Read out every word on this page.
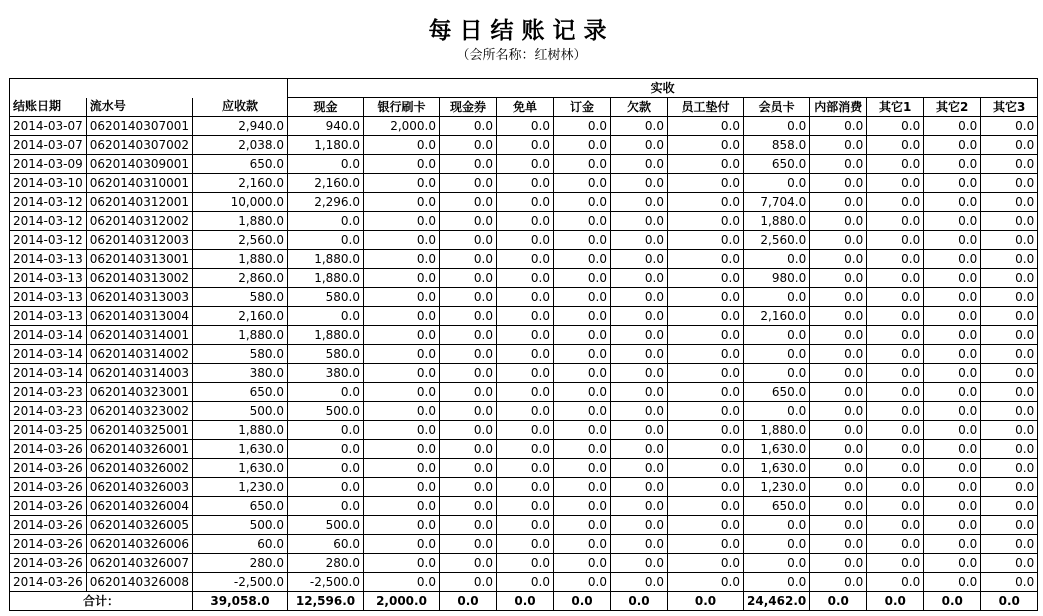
每日结账记录
（会所名称：红树林）
			实收											
结账日期	流水号	应收款	现金	银行刷卡	现金券	免单	订金	欠款	员工垫付	会员卡	内部消费	其它1	其它2	其它3
2014-03-07	0620140307001	2,940.0	940.0	2,000.0	0.0	0.0	0.0	0.0	0.0	0.0	0.0	0.0	0.0	0.0
2014-03-07	0620140307002	2,038.0	1,180.0	0.0	0.0	0.0	0.0	0.0	0.0	858.0	0.0	0.0	0.0	0.0
2014-03-09	0620140309001	650.0	0.0	0.0	0.0	0.0	0.0	0.0	0.0	650.0	0.0	0.0	0.0	0.0
2014-03-10	0620140310001	2,160.0	2,160.0	0.0	0.0	0.0	0.0	0.0	0.0	0.0	0.0	0.0	0.0	0.0
2014-03-12	0620140312001	10,000.0	2,296.0	0.0	0.0	0.0	0.0	0.0	0.0	7,704.0	0.0	0.0	0.0	0.0
2014-03-12	0620140312002	1,880.0	0.0	0.0	0.0	0.0	0.0	0.0	0.0	1,880.0	0.0	0.0	0.0	0.0
2014-03-12	0620140312003	2,560.0	0.0	0.0	0.0	0.0	0.0	0.0	0.0	2,560.0	0.0	0.0	0.0	0.0
2014-03-13	0620140313001	1,880.0	1,880.0	0.0	0.0	0.0	0.0	0.0	0.0	0.0	0.0	0.0	0.0	0.0
2014-03-13	0620140313002	2,860.0	1,880.0	0.0	0.0	0.0	0.0	0.0	0.0	980.0	0.0	0.0	0.0	0.0
2014-03-13	0620140313003	580.0	580.0	0.0	0.0	0.0	0.0	0.0	0.0	0.0	0.0	0.0	0.0	0.0
2014-03-13	0620140313004	2,160.0	0.0	0.0	0.0	0.0	0.0	0.0	0.0	2,160.0	0.0	0.0	0.0	0.0
2014-03-14	0620140314001	1,880.0	1,880.0	0.0	0.0	0.0	0.0	0.0	0.0	0.0	0.0	0.0	0.0	0.0
2014-03-14	0620140314002	580.0	580.0	0.0	0.0	0.0	0.0	0.0	0.0	0.0	0.0	0.0	0.0	0.0
2014-03-14	0620140314003	380.0	380.0	0.0	0.0	0.0	0.0	0.0	0.0	0.0	0.0	0.0	0.0	0.0
2014-03-23	0620140323001	650.0	0.0	0.0	0.0	0.0	0.0	0.0	0.0	650.0	0.0	0.0	0.0	0.0
2014-03-23	0620140323002	500.0	500.0	0.0	0.0	0.0	0.0	0.0	0.0	0.0	0.0	0.0	0.0	0.0
2014-03-25	0620140325001	1,880.0	0.0	0.0	0.0	0.0	0.0	0.0	0.0	1,880.0	0.0	0.0	0.0	0.0
2014-03-26	0620140326001	1,630.0	0.0	0.0	0.0	0.0	0.0	0.0	0.0	1,630.0	0.0	0.0	0.0	0.0
2014-03-26	0620140326002	1,630.0	0.0	0.0	0.0	0.0	0.0	0.0	0.0	1,630.0	0.0	0.0	0.0	0.0
2014-03-26	0620140326003	1,230.0	0.0	0.0	0.0	0.0	0.0	0.0	0.0	1,230.0	0.0	0.0	0.0	0.0
2014-03-26	0620140326004	650.0	0.0	0.0	0.0	0.0	0.0	0.0	0.0	650.0	0.0	0.0	0.0	0.0
2014-03-26	0620140326005	500.0	500.0	0.0	0.0	0.0	0.0	0.0	0.0	0.0	0.0	0.0	0.0	0.0
2014-03-26	0620140326006	60.0	60.0	0.0	0.0	0.0	0.0	0.0	0.0	0.0	0.0	0.0	0.0	0.0
2014-03-26	0620140326007	280.0	280.0	0.0	0.0	0.0	0.0	0.0	0.0	0.0	0.0	0.0	0.0	0.0
2014-03-26	0620140326008	-2,500.0	-2,500.0	0.0	0.0	0.0	0.0	0.0	0.0	0.0	0.0	0.0	0.0	0.0
合计：		39,058.0	12,596.0	2,000.0	0.0	0.0	0.0	0.0	0.0	24,462.0	0.0	0.0	0.0	0.0
